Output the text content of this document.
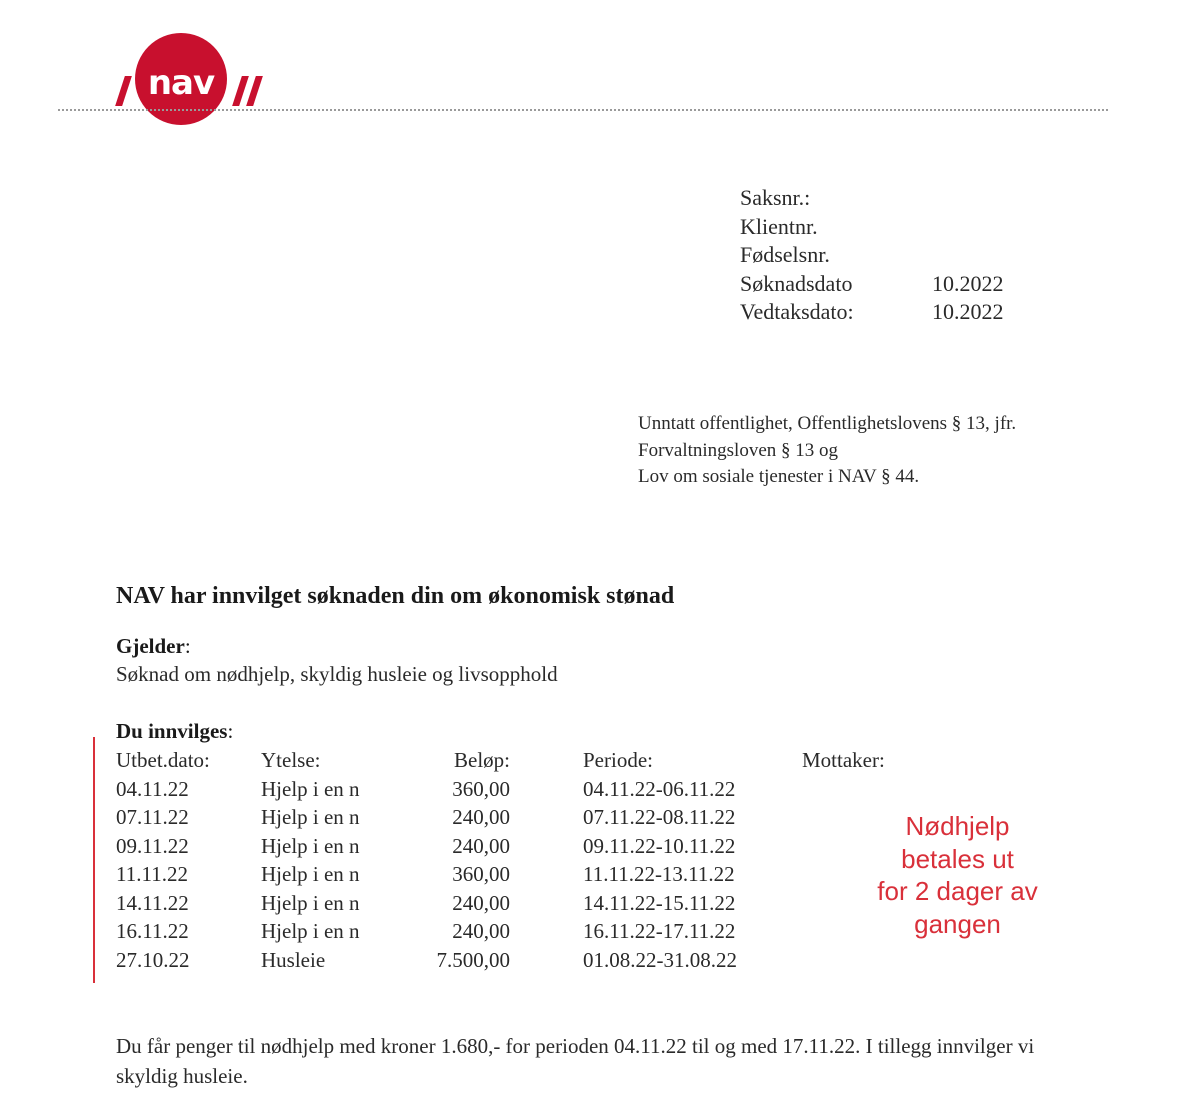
nav
Saksnr.:
Klientnr.
Fødselsnr.
Søknadsdato	10.2022
Vedtaksdato:	10.2022
Unntatt offentlighet, Offentlighetslovens § 13, jfr.
Forvaltningsloven § 13 og
Lov om sosiale tjenester i NAV § 44.
NAV har innvilget søknaden din om økonomisk stønad
Gjelder:
Søknad om nødhjelp, skyldig husleie og livsopphold
Du innvilges:
Utbet.dato: Ytelse:	Beløp:	Periode:	Mottaker:
04.11.22	Hjelp i en n	360,00	04.11.22-06.11.22
07.11.22	Hjelp i en n	240,00	07.11.22-08.11.22
09.11.22	Hjelp i en n	240,00	09.11.22-10.11.22
11.11.22	Hjelp i en n	360,00	11.11.22-13.11.22
14.11.22	Hjelp i en n	240,00	14.11.22-15.11.22
16.11.22	Hjelp i en n	240,00	16.11.22-17.11.22
27.10.22	Husleie	7.500,00	01.08.22-31.08.22
Nødhjelp
betales ut
for 2 dager av
gangen
Du får penger til nødhjelp med kroner 1.680,- for perioden 04.11.22 til og med 17.11.22. I tillegg innvilger vi skyldig husleie.
